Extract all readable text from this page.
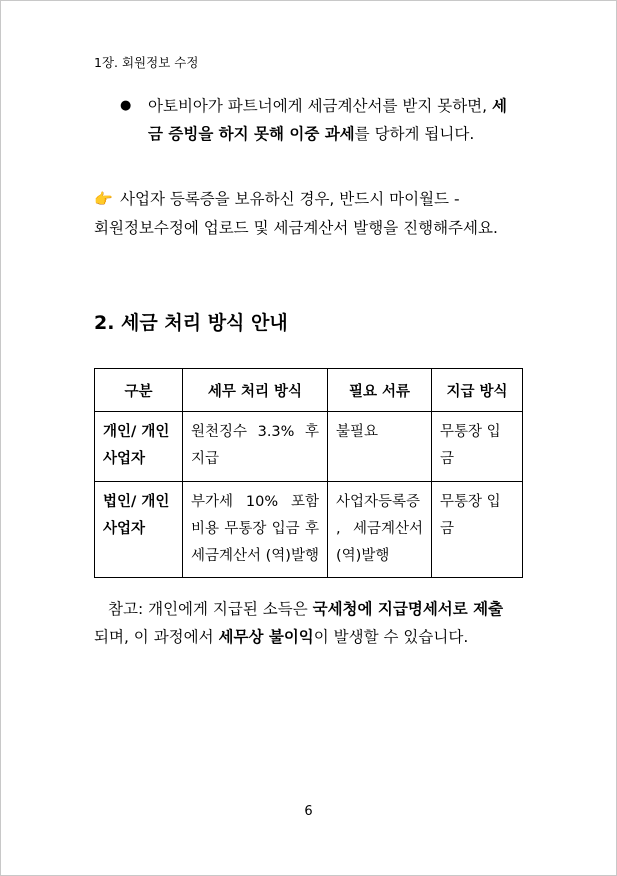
1장. 회원정보 수정
● 아토비아가 파트너에게 세금계산서를 받지 못하면, 세금 증빙을 하지 못해 이중 과세를 당하게 됩니다.
👉 사업자 등록증을 보유하신 경우, 반드시 마이월드 -
회원정보수정에 업로드 및 세금계산서 발행을 진행해주세요.
2. 세금 처리 방식 안내
구분	세무 처리 방식	필요 서류	지급 방식
개인/ 개인사업자	원천징수 3.3% 후 지급	불필요	무통장 입금
법인/ 개인사업자	부가세 10% 포함 비용 무통장 입금 후 세금계산서 (역)발행	사업자등록증 , 세금계산서 (역)발행	무통장 입금
참고: 개인에게 지급된 소득은 국세청에 지급명세서로 제출되며, 이 과정에서 세무상 불이익이 발생할 수 있습니다.
6
